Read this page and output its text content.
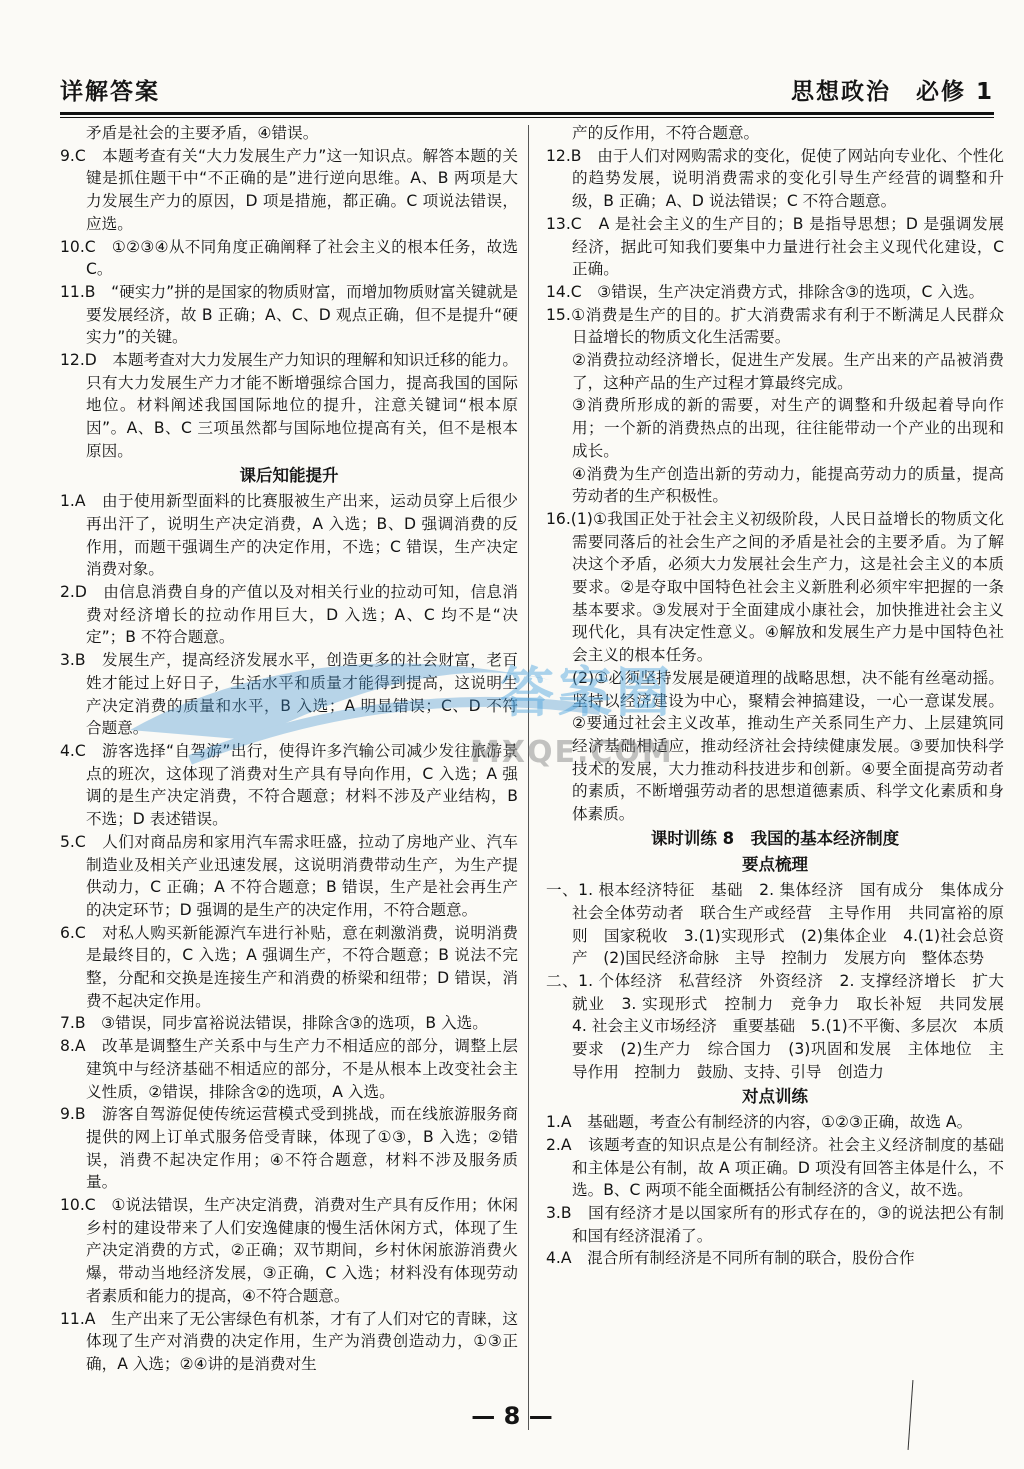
详解答案	思想政治　必修 1

矛盾是社会的主要矛盾，④错误。

9.C　本题考查有关“大力发展生产力”这一知识点。解答本题的关键是抓住题干中“不正确的是”进行逆向思维。A、B 两项是大力发展生产力的原因，D 项是措施，都正确。C 项说法错误，应选。

10.C　①②③④从不同角度正确阐释了社会主义的根本任务，故选 C。

11.B　“硬实力”拼的是国家的物质财富，而增加物质财富关键就是要发展经济，故 B 正确；A、C、D 观点正确，但不是提升“硬实力”的关键。

12.D　本题考查对大力发展生产力知识的理解和知识迁移的能力。只有大力发展生产力才能不断增强综合国力，提高我国的国际地位。材料阐述我国国际地位的提升，注意关键词“根本原因”。A、B、C 三项虽然都与国际地位提高有关，但不是根本原因。

课后知能提升

1.A　由于使用新型面料的比赛服被生产出来，运动员穿上后很少再出汗了，说明生产决定消费，A 入选；B、D 强调消费的反作用，而题干强调生产的决定作用，不选；C 错误，生产决定消费对象。

2.D　由信息消费自身的产值以及对相关行业的拉动可知，信息消费对经济增长的拉动作用巨大，D 入选；A、C 均不是“决定”；B 不符合题意。

3.B　发展生产，提高经济发展水平，创造更多的社会财富，老百姓才能过上好日子，生活水平和质量才能得到提高，这说明生产决定消费的质量和水平，B 入选；A 明显错误；C、D 不符合题意。

4.C　游客选择“自驾游”出行，使得许多汽输公司减少发往旅游景点的班次，这体现了消费对生产具有导向作用，C 入选；A 强调的是生产决定消费，不符合题意；材料不涉及产业结构，B 不选；D 表述错误。

5.C　人们对商品房和家用汽车需求旺盛，拉动了房地产业、汽车制造业及相关产业迅速发展，这说明消费带动生产，为生产提供动力，C 正确；A 不符合题意；B 错误，生产是社会再生产的决定环节；D 强调的是生产的决定作用，不符合题意。

6.C　对私人购买新能源汽车进行补贴，意在刺激消费，说明消费是最终目的，C 入选；A 强调生产，不符合题意；B 说法不完整，分配和交换是连接生产和消费的桥梁和纽带；D 错误，消费不起决定作用。

7.B　③错误，同步富裕说法错误，排除含③的选项，B 入选。

8.A　改革是调整生产关系中与生产力不相适应的部分，调整上层建筑中与经济基础不相适应的部分，不是从根本上改变社会主义性质，②错误，排除含②的选项，A 入选。

9.B　游客自驾游促使传统运营模式受到挑战，而在线旅游服务商提供的网上订单式服务倍受青睐，体现了①③，B 入选；②错误，消费不起决定作用；④不符合题意，材料不涉及服务质量。

10.C　①说法错误，生产决定消费，消费对生产具有反作用；休闲乡村的建设带来了人们安逸健康的慢生活休闲方式，体现了生产决定消费的方式，②正确；双节期间，乡村休闲旅游消费火爆，带动当地经济发展，③正确，C 入选；材料没有体现劳动者素质和能力的提高，④不符合题意。

11.A　生产出来了无公害绿色有机茶，才有了人们对它的青睐，这体现了生产对消费的决定作用，生产为消费创造动力，①③正确，A 入选；②④讲的是消费对生

产的反作用，不符合题意。

12.B　由于人们对网购需求的变化，促使了网站向专业化、个性化的趋势发展，说明消费需求的变化引导生产经营的调整和升级，B 正确；A、D 说法错误；C 不符合题意。

13.C　A 是社会主义的生产目的；B 是指导思想；D 是强调发展经济，据此可知我们要集中力量进行社会主义现代化建设，C 正确。

14.C　③错误，生产决定消费方式，排除含③的选项，C 入选。

15.①消费是生产的目的。扩大消费需求有利于不断满足人民群众日益增长的物质文化生活需要。

②消费拉动经济增长，促进生产发展。生产出来的产品被消费了，这种产品的生产过程才算最终完成。

③消费所形成的新的需要，对生产的调整和升级起着导向作用；一个新的消费热点的出现，往往能带动一个产业的出现和成长。

④消费为生产创造出新的劳动力，能提高劳动力的质量，提高劳动者的生产积极性。

16.(1)①我国正处于社会主义初级阶段，人民日益增长的物质文化需要同落后的社会生产之间的矛盾是社会的主要矛盾。为了解决这个矛盾，必须大力发展社会生产力，这是社会主义的本质要求。②是夺取中国特色社会主义新胜利必须牢牢把握的一条基本要求。③发展对于全面建成小康社会，加快推进社会主义现代化，具有决定性意义。④解放和发展生产力是中国特色社会主义的根本任务。

(2)①必须坚持发展是硬道理的战略思想，决不能有丝毫动摇。坚持以经济建设为中心，聚精会神搞建设，一心一意谋发展。②要通过社会主义改革，推动生产关系同生产力、上层建筑同经济基础相适应，推动经济社会持续健康发展。③要加快科学技术的发展，大力推动科技进步和创新。④要全面提高劳动者的素质，不断增强劳动者的思想道德素质、科学文化素质和身体素质。

课时训练 8　我国的基本经济制度

要点梳理

一、1. 根本经济特征　基础　2. 集体经济　国有成分　集体成分　社会全体劳动者　联合生产或经营　主导作用　共同富裕的原则　国家税收　3.(1)实现形式　(2)集体企业　4.(1)社会总资产　(2)国民经济命脉　主导　控制力　发展方向　整体态势

二、1. 个体经济　私营经济　外资经济　2. 支撑经济增长　扩大就业　3. 实现形式　控制力　竞争力　取长补短　共同发展　4. 社会主义市场经济　重要基础　5.(1)不平衡、多层次　本质要求　(2)生产力　综合国力　(3)巩固和发展　主体地位　主导作用　控制力　鼓励、支持、引导　创造力

对点训练

1.A　基础题，考查公有制经济的内容，①②③正确，故选 A。

2.A　该题考查的知识点是公有制经济。社会主义经济制度的基础和主体是公有制，故 A 项正确。D 项没有回答主体是什么，不选。B、C 两项不能全面概括公有制经济的含义，故不选。

3.B　国有经济才是以国家所有的形式存在的，③的说法把公有制和国有经济混淆了。

4.A　混合所有制经济是不同所有制的联合，股份合作

答案圈
MXQE.COM
— 8 —
